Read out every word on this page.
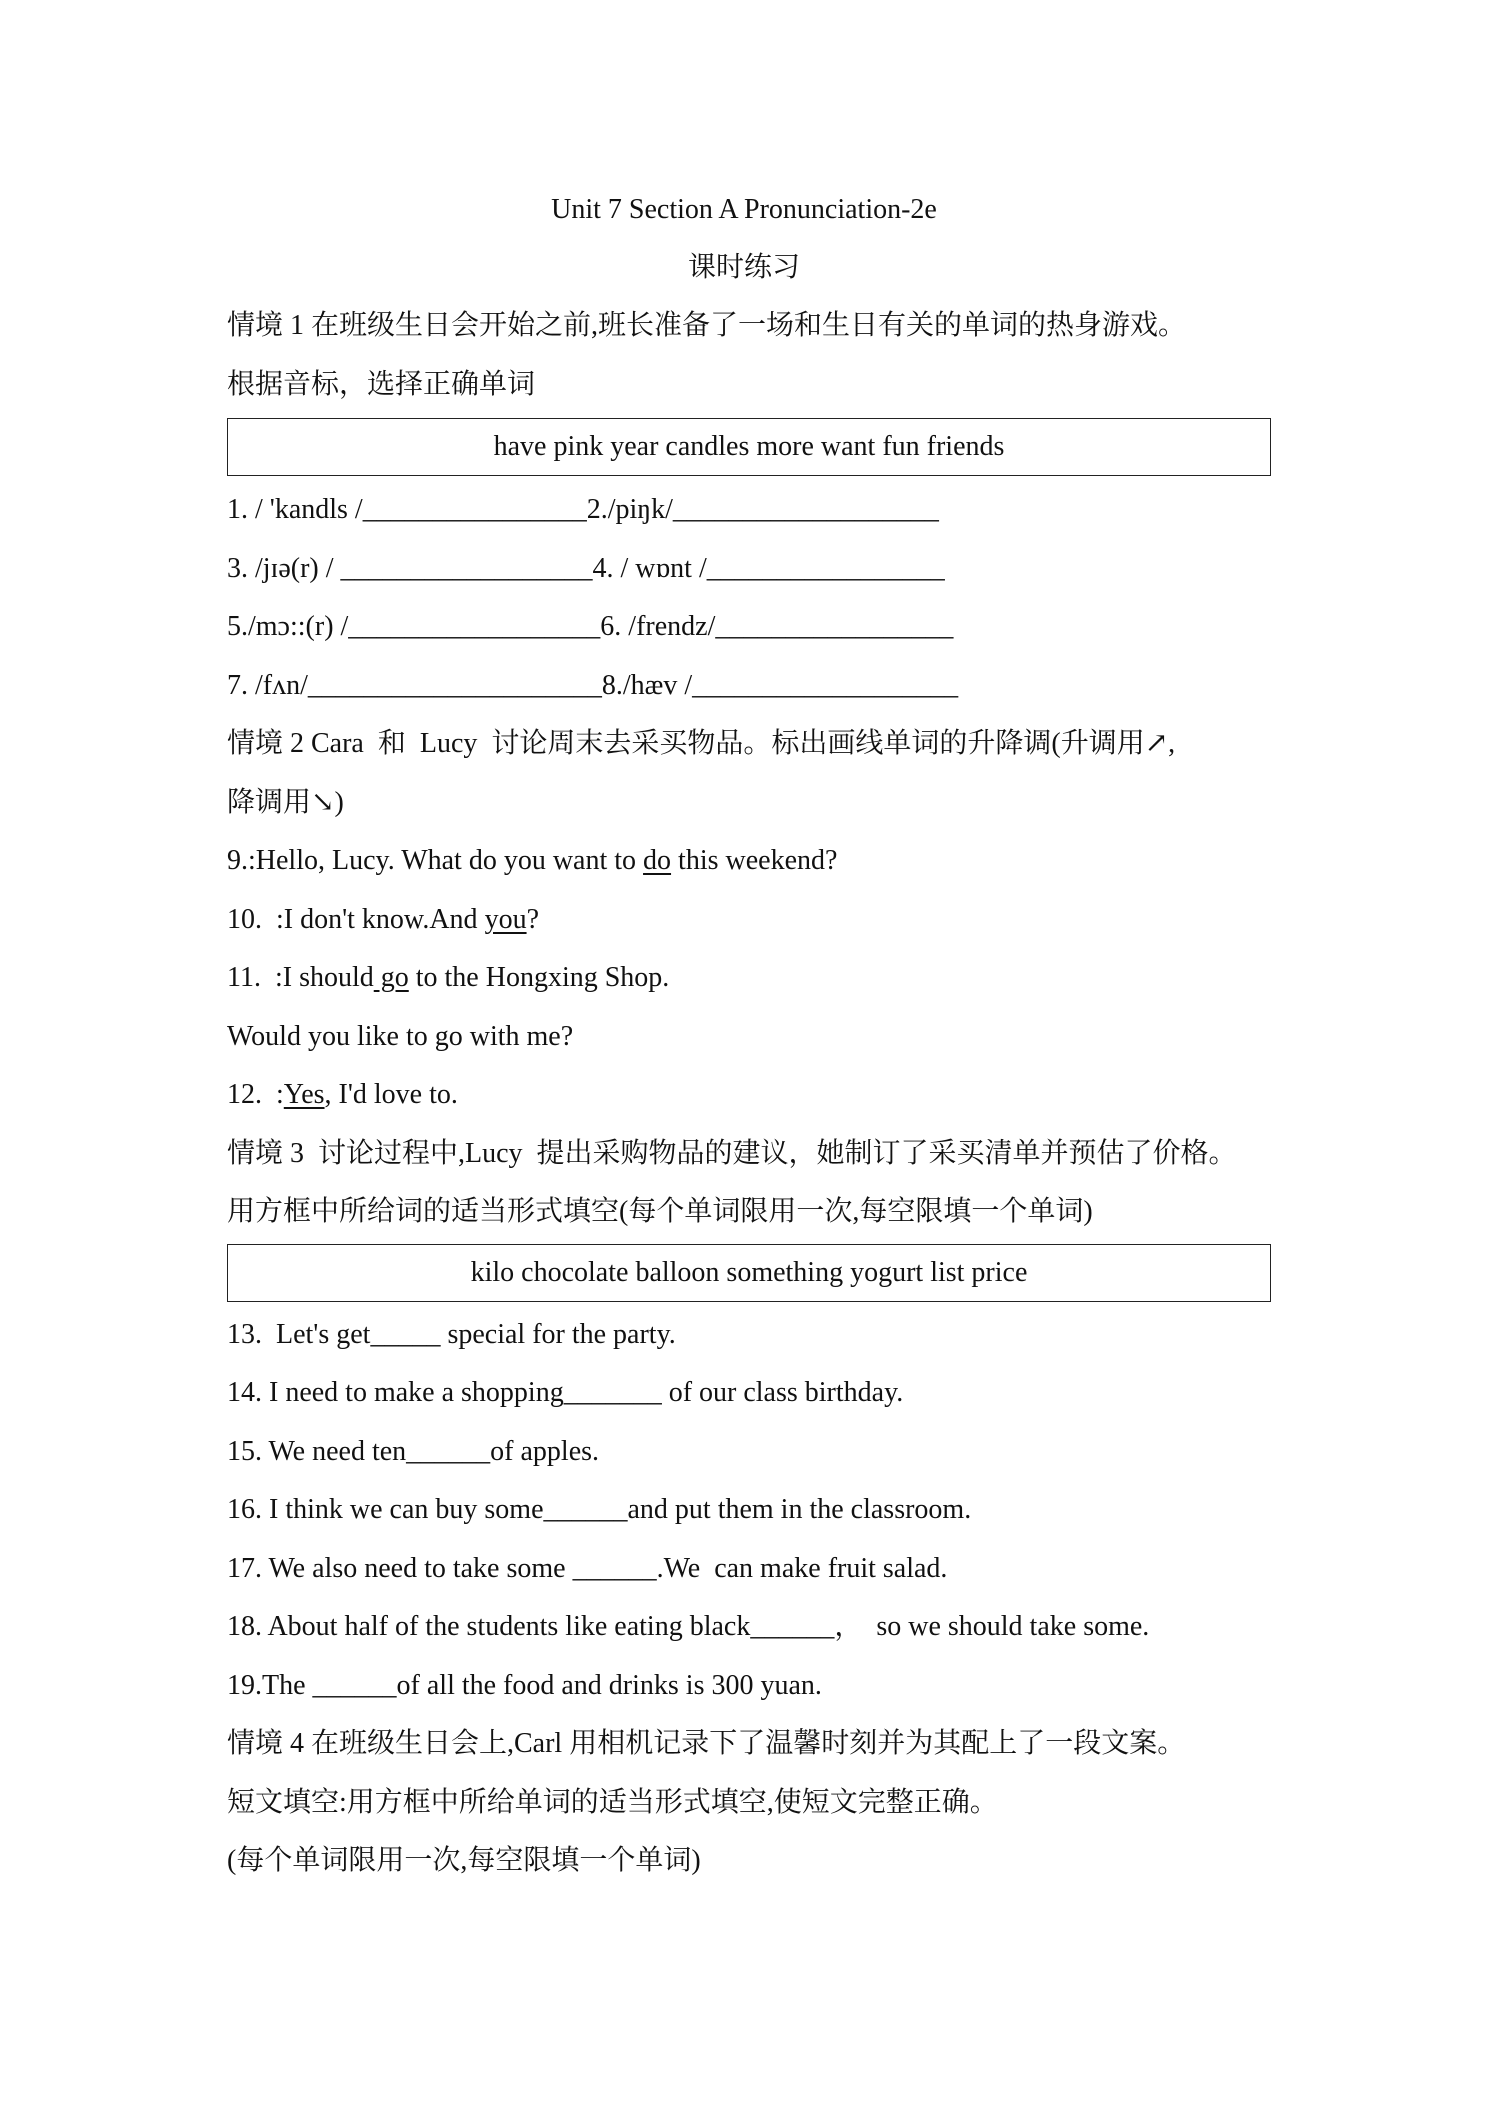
Unit 7 Section A Pronunciation-2e
课时练习
情境 1 在班级生日会开始之前,班长准备了一场和生日有关的单词的热身游戏。
根据音标，选择正确单词
have pink year candles more want fun friends
1. / 'kandls /________________2./piŋk/___________________
3. /jɪə(r) / __________________4. / wɒnt /_________________
5./mɔ::(r) /__________________6. /frendz/_________________
7. /fʌn/_____________________8./hæv /___________________
情境 2 Cara  和  Lucy  讨论周末去采买物品。标出画线单词的升降调(升调用↗,
降调用↘)
9.:Hello, Lucy. What do you want to do this weekend?
10.  :I don't know.And you?
11.  :I should go to the Hongxing Shop.
Would you like to go with me?
12.  :Yes, I'd love to.
情境 3  讨论过程中,Lucy  提出采购物品的建议，她制订了采买清单并预估了价格。
用方框中所给词的适当形式填空(每个单词限用一次,每空限填一个单词)
kilo chocolate balloon something yogurt list price
13.  Let's get_____ special for the party.
14. I need to make a shopping_______ of our class birthday.
15. We need ten______of apples.
16. I think we can buy some______and put them in the classroom.
17. We also need to take some ______.We  can make fruit salad.
18. About half of the students like eating black______，  so we should take some.
19.The ______of all the food and drinks is 300 yuan.
情境 4 在班级生日会上,Carl 用相机记录下了温馨时刻并为其配上了一段文案。
短文填空:用方框中所给单词的适当形式填空,使短文完整正确。
(每个单词限用一次,每空限填一个单词)
